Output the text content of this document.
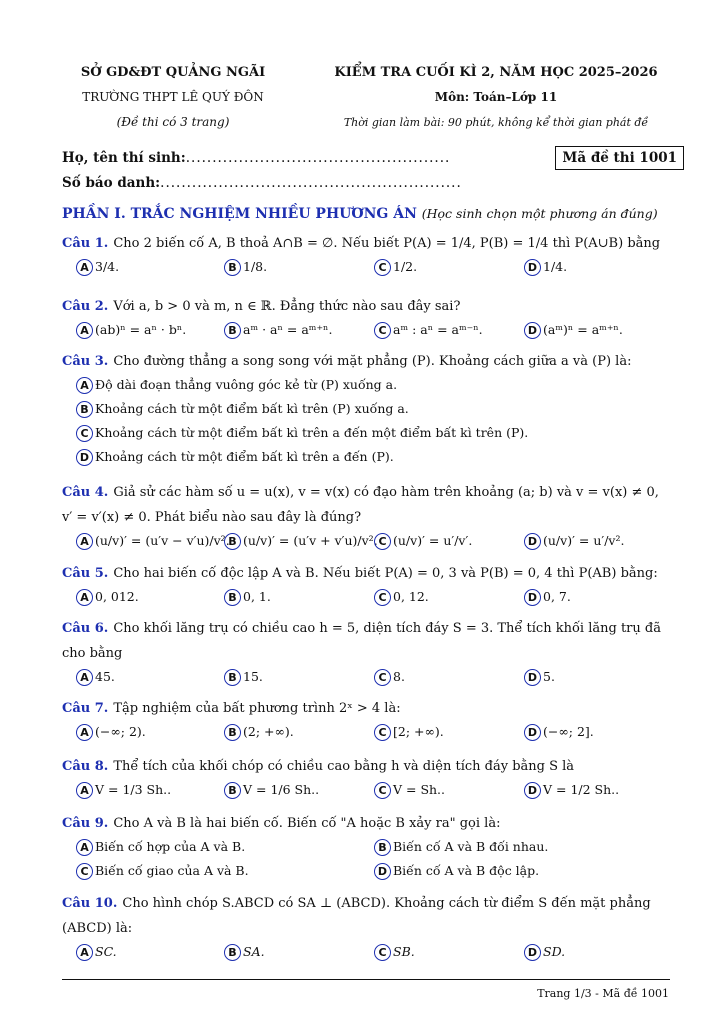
SỞ GD&ĐT QUẢNG NGÃI
TRƯỜNG THPT LÊ QUÝ ĐÔN
(Đề thi có 3 trang)
KIỂM TRA CUỐI KÌ 2, NĂM HỌC 2025–2026
Môn: Toán–Lớp 11
Thời gian làm bài: 90 phút, không kể thời gian phát đề
Họ, tên thí sinh:..................................................
Số báo danh:.........................................................
Mã đề thi 1001
PHẦN I. TRẮC NGHIỆM NHIỀU PHƯƠNG ÁN (Học sinh chọn một phương án đúng)
Câu 1. Cho 2 biến cố A, B thoả A∩B = ∅. Nếu biết P(A) = 1/4, P(B) = 1/4 thì P(A∪B) bằng
A 3/4.	B 1/8.	C 1/2.	D 1/4.
Câu 2. Với a, b > 0 và m, n ∈ ℝ. Đẳng thức nào sau đây sai?
A (ab)ⁿ = aⁿ · bⁿ.	B aᵐ · aⁿ = aᵐ⁺ⁿ.	C aᵐ : aⁿ = aᵐ⁻ⁿ.	D (aᵐ)ⁿ = aᵐ⁺ⁿ.
Câu 3. Cho đường thẳng a song song với mặt phẳng (P). Khoảng cách giữa a và (P) là:
A Độ dài đoạn thẳng vuông góc kẻ từ (P) xuống a.
B Khoảng cách từ một điểm bất kì trên (P) xuống a.
C Khoảng cách từ một điểm bất kì trên a đến một điểm bất kì trên (P).
D Khoảng cách từ một điểm bất kì trên a đến (P).
Câu 4. Giả sử các hàm số u = u(x), v = v(x) có đạo hàm trên khoảng (a; b) và v = v(x) ≠ 0, v′ = v′(x) ≠ 0. Phát biểu nào sau đây là đúng?
A (u/v)′ = (u′v − v′u)/v².
B (u/v)′ = (u′v + v′u)/v². C (u/v)′ = u′/v′.	D (u/v)′ = u′/v².
Câu 5. Cho hai biến cố độc lập A và B. Nếu biết P(A) = 0, 3 và P(B) = 0, 4 thì P(AB) bằng:
A 0, 012.	B 0, 1.	C 0, 12.	D 0, 7.
Câu 6. Cho khối lăng trụ có chiều cao h = 5, diện tích đáy S = 3. Thể tích khối lăng trụ đã cho bằng
A 45.	B 15.	C 8.	D 5.
Câu 7. Tập nghiệm của bất phương trình 2ˣ > 4 là:
A (−∞; 2).	B (2; +∞).	C [2; +∞).	D (−∞; 2].
Câu 8. Thể tích của khối chóp có chiều cao bằng h và diện tích đáy bằng S là
A V = 1/3 Sh..	B V = 1/6 Sh..	C V = Sh..	D V = 1/2 Sh..
Câu 9. Cho A và B là hai biến cố. Biến cố "A hoặc B xảy ra" gọi là:
A Biến cố hợp của A và B.	B Biến cố A và B đối nhau.
C Biến cố giao của A và B.	D Biến cố A và B độc lập.
Câu 10. Cho hình chóp S.ABCD có SA ⊥ (ABCD). Khoảng cách từ điểm S đến mặt phẳng (ABCD) là:
A SC.	B SA.	C SB.	D SD.
Trang 1/3 - Mã đề 1001
